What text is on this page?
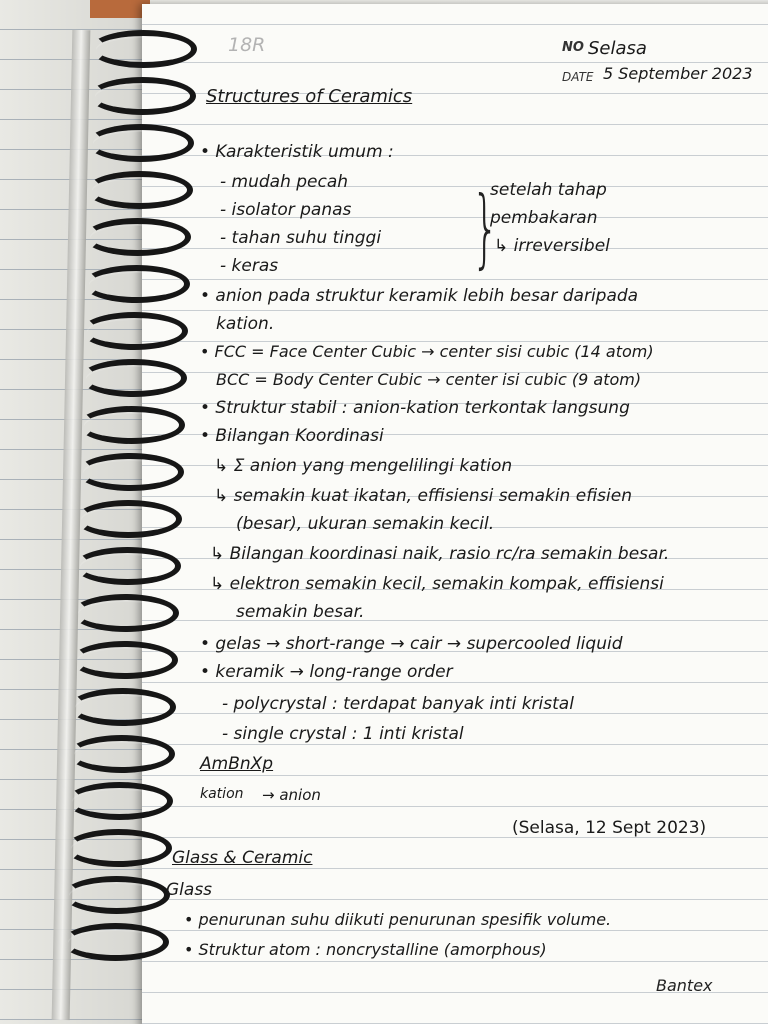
18R	NO Selasa
DATE 5 September 2023
Structures of Ceramics
• Karakteristik umum :
- mudah pecah
- isolator panas
- tahan suhu tinggi
- keras }
setelah tahap
pembakaran
↳ irreversibel
• anion pada struktur keramik lebih besar daripada
kation.
• FCC = Face Center Cubic → center sisi cubic (14 atom)
BCC = Body Center Cubic → center isi cubic (9 atom)
• Struktur stabil : anion-kation terkontak langsung
• Bilangan Koordinasi
↳ Σ anion yang mengelilingi kation
↳ semakin kuat ikatan, effisiensi semakin efisien
(besar), ukuran semakin kecil.
↳ Bilangan koordinasi naik, rasio rc/ra semakin besar.
↳ elektron semakin kecil, semakin kompak, effisiensi
semakin besar.
• gelas → short-range → cair → supercooled liquid
• keramik → long-range order
- polycrystal : terdapat banyak inti kristal
- single crystal : 1 inti kristal
AmBnXp
kation → anion
(Selasa, 12 Sept 2023)
Glass & Ceramic
Glass
• penurunan suhu diikuti penurunan spesifik volume.
• Struktur atom : noncrystalline (amorphous)
Bantex
